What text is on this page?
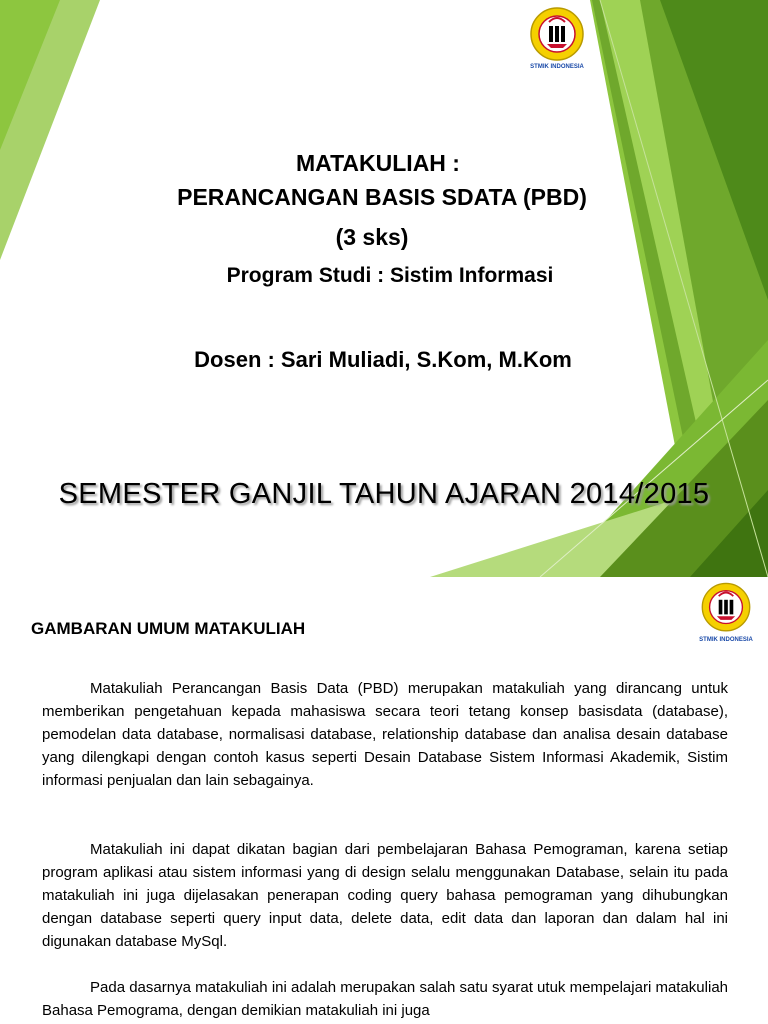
STMIK INDONESIA
MATAKULIAH :
PERANCANGAN BASIS SDATA (PBD)
(3 sks)
Program Studi : Sistim Informasi
Dosen : Sari Muliadi, S.Kom, M.Kom
SEMESTER GANJIL TAHUN AJARAN 2014/2015
STMIK INDONESIA
GAMBARAN UMUM MATAKULIAH

Matakuliah Perancangan Basis Data (PBD) merupakan matakuliah yang dirancang untuk memberikan pengetahuan kepada mahasiswa secara teori tetang konsep basisdata (database), pemodelan data database, normalisasi database, relationship database dan analisa desain database yang dilengkapi dengan contoh kasus seperti Desain Database Sistem Informasi Akademik, Sistim informasi penjualan dan lain sebagainya.

Matakuliah ini dapat dikatan bagian dari pembelajaran Bahasa Pemograman, karena setiap program aplikasi atau sistem informasi yang di design selalu menggunakan Database, selain itu pada matakuliah ini juga dijelasakan penerapan coding query bahasa pemograman yang dihubungkan dengan database seperti query input data, delete data, edit data dan laporan dan dalam hal ini digunakan database MySql.

Pada dasarnya matakuliah ini adalah merupakan salah satu syarat utuk mempelajari matakuliah Bahasa Pemograma, dengan demikian matakuliah ini juga
